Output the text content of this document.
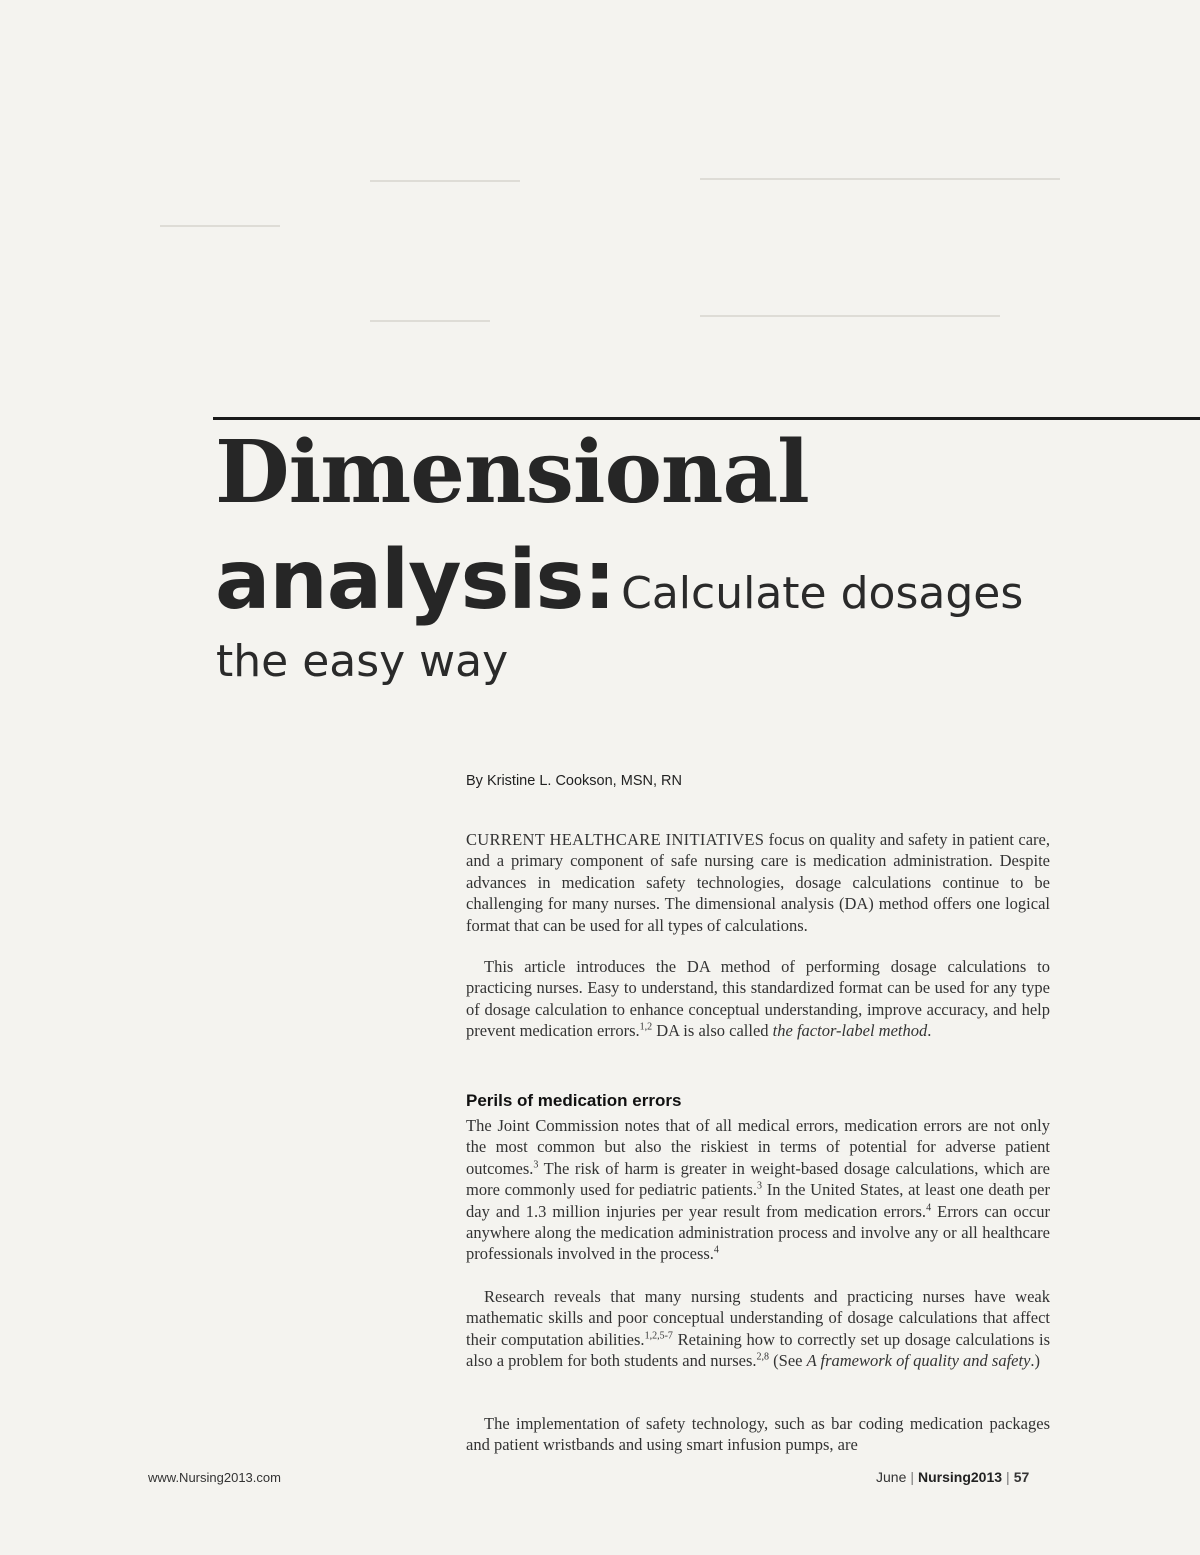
Dimensional
analysis: Calculate dosages
the easy way
By Kristine L. Cookson, MSN, RN

CURRENT HEALTHCARE INITIATIVES focus on quality and safety in patient care, and a primary component of safe nursing care is medication administration. Despite advances in medication safety technologies, dosage calculations continue to be challenging for many nurses. The dimensional analysis (DA) method offers one logical format that can be used for all types of calculations.

This article introduces the DA method of performing dosage calculations to practicing nurses. Easy to understand, this standardized format can be used for any type of dosage calculation to enhance conceptual understanding, improve accuracy, and help prevent medication errors.$^{1,2}$ DA is also called the factor-label method.

Perils of medication errors

The Joint Commission notes that of all medical errors, medication errors are not only the most common but also the riskiest in terms of potential for adverse patient outcomes.$^3$ The risk of harm is greater in weight-based dosage calculations, which are more commonly used for pediatric patients.$^3$ In the United States, at least one death per day and 1.3 million injuries per year result from medication errors.$^4$ Errors can occur anywhere along the medication administration process and involve any or all healthcare professionals involved in the process.$^4$

Research reveals that many nursing students and practicing nurses have weak mathematic skills and poor conceptual understanding of dosage calculations that affect their computation abilities.$^{1,2,5-7}$ Retaining how to correctly set up dosage calculations is also a problem for both students and nurses.$^{2,8}$ (See A framework of quality and safety.)

The implementation of safety technology, such as bar coding medication packages and patient wristbands and using smart infusion pumps, are

www.Nursing2013.com	June | Nursing2013 | 57
